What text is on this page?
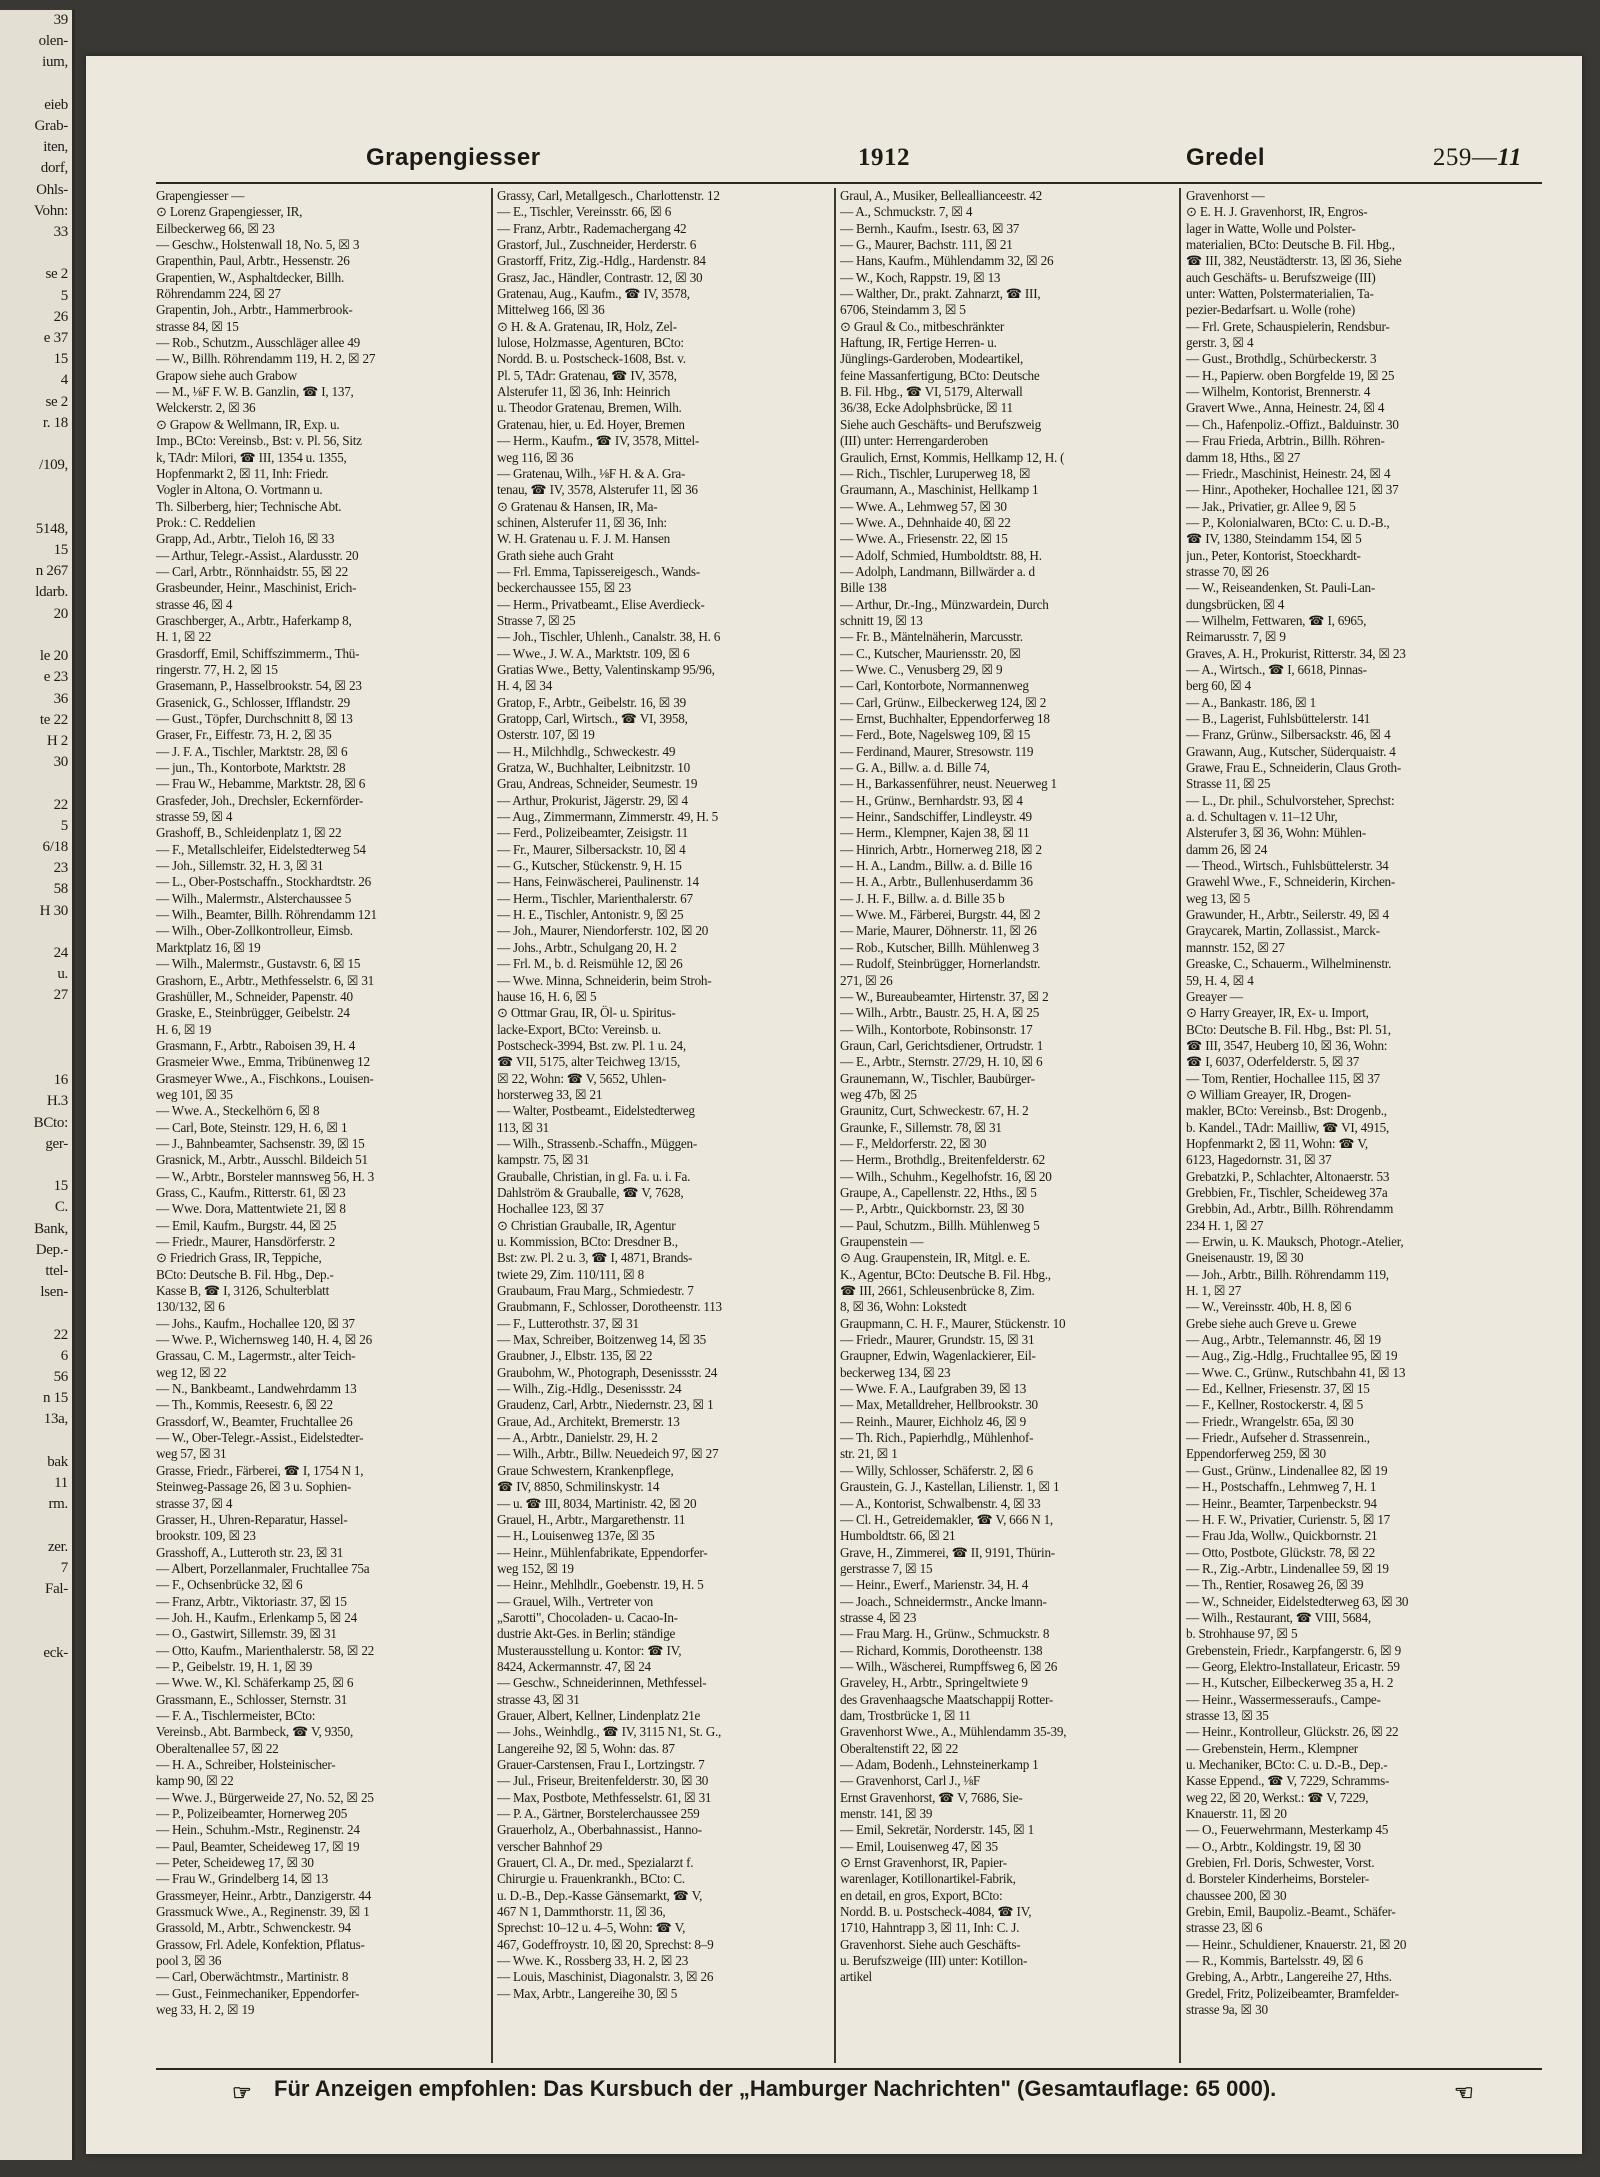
39
olen-
ium,

eieb
Grab-
iten,
dorf,
Ohls-
Vohn:
33

se 2
5
26
e 37
15
4
se 2
r. 18

/109,

5148,
15
n 267
ldarb.
20

le 20
e 23
36
te 22
H 2
30

22
5
6/18
23
58
H 30

24
u.
27

16
H.3
BCto:
ger-

15
C.
Bank,
Dep.-
ttel-
lsen-

22
6
56
n 15
13a,

bak
11
rm.

zer.
7
Fal-

eck-

Grapengiesser	1912	Gredel	259—11
Grapengiesser —
⊙ Lorenz Grapengiesser, IR,
Eilbeckerweg 66, ☒ 23
— Geschw., Holstenwall 18, No. 5, ☒ 3
Grapenthin, Paul, Arbtr., Hessenstr. 26
Grapentien, W., Asphaltdecker, Billh.
Röhrendamm 224, ☒ 27
Grapentin, Joh., Arbtr., Hammerbrook-
strasse 84, ☒ 15
— Rob., Schutzm., Ausschläger allee 49
— W., Billh. Röhrendamm 119, H. 2, ☒ 27
Grapow siehe auch Grabow
— M., ⅛F F. W. B. Ganzlin, ☎ I, 137,
Welckerstr. 2, ☒ 36
⊙ Grapow & Wellmann, IR, Exp. u.
Imp., BCto: Vereinsb., Bst: v. Pl. 56, Sitz
k, TAdr: Milori, ☎ III, 1354 u. 1355,
Hopfenmarkt 2, ☒ 11, Inh: Friedr.
Vogler in Altona, O. Vortmann u.
Th. Silberberg, hier; Technische Abt.
Prok.: C. Reddelien
Grapp, Ad., Arbtr., Tieloh 16, ☒ 33
— Arthur, Telegr.-Assist., Alardusstr. 20
— Carl, Arbtr., Rönnhaidstr. 55, ☒ 22
Grasbeunder, Heinr., Maschinist, Erich-
strasse 46, ☒ 4
Graschberger, A., Arbtr., Haferkamp 8,
H. 1, ☒ 22
Grasdorff, Emil, Schiffszimmerm., Thü-
ringerstr. 77, H. 2, ☒ 15
Grasemann, P., Hasselbrookstr. 54, ☒ 23
Grasenick, G., Schlosser, Ifflandstr. 29
— Gust., Töpfer, Durchschnitt 8, ☒ 13
Graser, Fr., Eiffestr. 73, H. 2, ☒ 35
— J. F. A., Tischler, Marktstr. 28, ☒ 6
— jun., Th., Kontorbote, Marktstr. 28
— Frau W., Hebamme, Marktstr. 28, ☒ 6
Grasfeder, Joh., Drechsler, Eckernförder-
strasse 59, ☒ 4
Grashoff, B., Schleidenplatz 1, ☒ 22
— F., Metallschleifer, Eidelstedterweg 54
— Joh., Sillemstr. 32, H. 3, ☒ 31
— L., Ober-Postschaffn., Stockhardtstr. 26
— Wilh., Malermstr., Alsterchaussee 5
— Wilh., Beamter, Billh. Röhrendamm 121
— Wilh., Ober-Zollkontrolleur, Eimsb.
Marktplatz 16, ☒ 19
— Wilh., Malermstr., Gustavstr. 6, ☒ 15
Grashorn, E., Arbtr., Methfesselstr. 6, ☒ 31
Grashüller, M., Schneider, Papenstr. 40
Graske, E., Steinbrügger, Geibelstr. 24
H. 6, ☒ 19
Grasmann, F., Arbtr., Raboisen 39, H. 4
Grasmeier Wwe., Emma, Tribünenweg 12
Grasmeyer Wwe., A., Fischkons., Louisen-
weg 101, ☒ 35
— Wwe. A., Steckelhörn 6, ☒ 8
— Carl, Bote, Steinstr. 129, H. 6, ☒ 1
— J., Bahnbeamter, Sachsenstr. 39, ☒ 15
Grasnick, M., Arbtr., Ausschl. Bildeich 51
— W., Arbtr., Borsteler mannsweg 56, H. 3
Grass, C., Kaufm., Ritterstr. 61, ☒ 23
— Wwe. Dora, Mattentwiete 21, ☒ 8
— Emil, Kaufm., Burgstr. 44, ☒ 25
— Friedr., Maurer, Hansdörferstr. 2
⊙ Friedrich Grass, IR, Teppiche,
BCto: Deutsche B. Fil. Hbg., Dep.-
Kasse B, ☎ I, 3126, Schulterblatt
130/132, ☒ 6
— Johs., Kaufm., Hochallee 120, ☒ 37
— Wwe. P., Wichernsweg 140, H. 4, ☒ 26
Grassau, C. M., Lagermstr., alter Teich-
weg 12, ☒ 22
— N., Bankbeamt., Landwehrdamm 13
— Th., Kommis, Reesestr. 6, ☒ 22
Grassdorf, W., Beamter, Fruchtallee 26
— W., Ober-Telegr.-Assist., Eidelstedter-
weg 57, ☒ 31
Grasse, Friedr., Färberei, ☎ I, 1754 N 1,
Steinweg-Passage 26, ☒ 3 u. Sophien-
strasse 37, ☒ 4
Grasser, H., Uhren-Reparatur, Hassel-
brookstr. 109, ☒ 23
Grasshoff, A., Lutteroth str. 23, ☒ 31
— Albert, Porzellanmaler, Fruchtallee 75a
— F., Ochsenbrücke 32, ☒ 6
— Franz, Arbtr., Viktoriastr. 37, ☒ 15
— Joh. H., Kaufm., Erlenkamp 5, ☒ 24
— O., Gastwirt, Sillemstr. 39, ☒ 31
— Otto, Kaufm., Marienthalerstr. 58, ☒ 22
— P., Geibelstr. 19, H. 1, ☒ 39
— Wwe. W., Kl. Schäferkamp 25, ☒ 6
Grassmann, E., Schlosser, Sternstr. 31
— F. A., Tischlermeister, BCto:
Vereinsb., Abt. Barmbeck, ☎ V, 9350,
Oberaltenallee 57, ☒ 22
— H. A., Schreiber, Holsteinischer-
kamp 90, ☒ 22
— Wwe. J., Bürgerweide 27, No. 52, ☒ 25
— P., Polizeibeamter, Hornerweg 205
— Hein., Schuhm.-Mstr., Reginenstr. 24
— Paul, Beamter, Scheideweg 17, ☒ 19
— Peter, Scheideweg 17, ☒ 30
— Frau W., Grindelberg 14, ☒ 13
Grassmeyer, Heinr., Arbtr., Danzigerstr. 44
Grassmuck Wwe., A., Reginenstr. 39, ☒ 1
Grassold, M., Arbtr., Schwenckestr. 94
Grassow, Frl. Adele, Konfektion, Pflatus-
pool 3, ☒ 36
— Carl, Oberwächtmstr., Martinistr. 8
— Gust., Feinmechaniker, Eppendorfer-
weg 33, H. 2, ☒ 19
Grassy, Carl, Metallgesch., Charlottenstr. 12
— E., Tischler, Vereinsstr. 66, ☒ 6
— Franz, Arbtr., Rademachergang 42
Grastorf, Jul., Zuschneider, Herderstr. 6
Grastorff, Fritz, Zig.-Hdlg., Hardenstr. 84
Grasz, Jac., Händler, Contrastr. 12, ☒ 30
Gratenau, Aug., Kaufm., ☎ IV, 3578,
Mittelweg 166, ☒ 36
⊙ H. & A. Gratenau, IR, Holz, Zel-
lulose, Holzmasse, Agenturen, BCto:
Nordd. B. u. Postscheck-1608, Bst. v.
Pl. 5, TAdr: Gratenau, ☎ IV, 3578,
Alsterufer 11, ☒ 36, Inh: Heinrich
u. Theodor Gratenau, Bremen, Wilh.
Gratenau, hier, u. Ed. Hoyer, Bremen
— Herm., Kaufm., ☎ IV, 3578, Mittel-
weg 116, ☒ 36
— Gratenau, Wilh., ⅛F H. & A. Gra-
tenau, ☎ IV, 3578, Alsterufer 11, ☒ 36
⊙ Gratenau & Hansen, IR, Ma-
schinen, Alsterufer 11, ☒ 36, Inh:
W. H. Gratenau u. F. J. M. Hansen
Grath siehe auch Graht
— Frl. Emma, Tapissereigesch., Wands-
beckerchaussee 155, ☒ 23
— Herm., Privatbeamt., Elise Averdieck-
Strasse 7, ☒ 25
— Joh., Tischler, Uhlenh., Canalstr. 38, H. 6
— Wwe., J. W. A., Marktstr. 109, ☒ 6
Gratias Wwe., Betty, Valentinskamp 95/96,
H. 4, ☒ 34
Gratop, F., Arbtr., Geibelstr. 16, ☒ 39
Gratopp, Carl, Wirtsch., ☎ VI, 3958,
Osterstr. 107, ☒ 19
— H., Milchhdlg., Schweckestr. 49
Gratza, W., Buchhalter, Leibnitzstr. 10
Grau, Andreas, Schneider, Seumestr. 19
— Arthur, Prokurist, Jägerstr. 29, ☒ 4
— Aug., Zimmermann, Zimmerstr. 49, H. 5
— Ferd., Polizeibeamter, Zeisigstr. 11
— Fr., Maurer, Silbersackstr. 10, ☒ 4
— G., Kutscher, Stückenstr. 9, H. 15
— Hans, Feinwäscherei, Paulinenstr. 14
— Herm., Tischler, Marienthalerstr. 67
— H. E., Tischler, Antonistr. 9, ☒ 25
— Joh., Maurer, Niendorferstr. 102, ☒ 20
— Johs., Arbtr., Schulgang 20, H. 2
— Frl. M., b. d. Reismühle 12, ☒ 26
— Wwe. Minna, Schneiderin, beim Stroh-
hause 16, H. 6, ☒ 5
⊙ Ottmar Grau, IR, Öl- u. Spiritus-
lacke-Export, BCto: Vereinsb. u.
Postscheck-3994, Bst. zw. Pl. 1 u. 24,
☎ VII, 5175, alter Teichweg 13/15,
☒ 22, Wohn: ☎ V, 5652, Uhlen-
horsterweg 33, ☒ 21
— Walter, Postbeamt., Eidelstedterweg
113, ☒ 31
— Wilh., Strassenb.-Schaffn., Müggen-
kampstr. 75, ☒ 31
Grauballe, Christian, in gl. Fa. u. i. Fa.
Dahlström & Grauballe, ☎ V, 7628,
Hochallee 123, ☒ 37
⊙ Christian Grauballe, IR, Agentur
u. Kommission, BCto: Dresdner B.,
Bst: zw. Pl. 2 u. 3, ☎ I, 4871, Brands-
twiete 29, Zim. 110/111, ☒ 8
Graubaum, Frau Marg., Schmiedestr. 7
Graubmann, F., Schlosser, Dorotheenstr. 113
— F., Lutterothstr. 37, ☒ 31
— Max, Schreiber, Boitzenweg 14, ☒ 35
Graubner, J., Elbstr. 135, ☒ 22
Graubohm, W., Photograph, Desenissstr. 24
— Wilh., Zig.-Hdlg., Desenissstr. 24
Graudenz, Carl, Arbtr., Niedernstr. 23, ☒ 1
Graue, Ad., Architekt, Bremerstr. 13
— A., Arbtr., Danielstr. 29, H. 2
— Wilh., Arbtr., Billw. Neuedeich 97, ☒ 27
Graue Schwestern, Krankenpflege,
☎ IV, 8850, Schmilinskystr. 14
— u. ☎ III, 8034, Martinistr. 42, ☒ 20
Grauel, H., Arbtr., Margarethenstr. 11
— H., Louisenweg 137e, ☒ 35
— Heinr., Mühlenfabrikate, Eppendorfer-
weg 152, ☒ 19
— Heinr., Mehlhdlr., Goebenstr. 19, H. 5
— Grauel, Wilh., Vertreter von
„Sarotti", Chocoladen- u. Cacao-In-
dustrie Akt-Ges. in Berlin; ständige
Musterausstellung u. Kontor: ☎ IV,
8424, Ackermannstr. 47, ☒ 24
— Geschw., Schneiderinnen, Methfessel-
strasse 43, ☒ 31
Grauer, Albert, Kellner, Lindenplatz 21e
— Johs., Weinhdlg., ☎ IV, 3115 N1, St. G.,
Langereihe 92, ☒ 5, Wohn: das. 87
Grauer-Carstensen, Frau I., Lortzingstr. 7
— Jul., Friseur, Breitenfelderstr. 30, ☒ 30
— Max, Postbote, Methfesselstr. 61, ☒ 31
— P. A., Gärtner, Borstelerchaussee 259
Grauerholz, A., Oberbahnassist., Hanno-
verscher Bahnhof 29
Grauert, Cl. A., Dr. med., Spezialarzt f.
Chirurgie u. Frauenkrankh., BCto: C.
u. D.-B., Dep.-Kasse Gänsemarkt, ☎ V,
467 N 1, Dammthorstr. 11, ☒ 36,
Sprechst: 10–12 u. 4–5, Wohn: ☎ V,
467, Godeffroystr. 10, ☒ 20, Sprechst: 8–9
— Wwe. K., Rossberg 33, H. 2, ☒ 23
— Louis, Maschinist, Diagonalstr. 3, ☒ 26
— Max, Arbtr., Langereihe 30, ☒ 5
Graul, A., Musiker, Belleallianceestr. 42
— A., Schmuckstr. 7, ☒ 4
— Bernh., Kaufm., Isestr. 63, ☒ 37
— G., Maurer, Bachstr. 111, ☒ 21
— Hans, Kaufm., Mühlendamm 32, ☒ 26
— W., Koch, Rappstr. 19, ☒ 13
— Walther, Dr., prakt. Zahnarzt, ☎ III,
6706, Steindamm 3, ☒ 5
⊙ Graul & Co., mitbeschränkter
Haftung, IR, Fertige Herren- u.
Jünglings-Garderoben, Modeartikel,
feine Massanfertigung, BCto: Deutsche
B. Fil. Hbg., ☎ VI, 5179, Alterwall
36/38, Ecke Adolphsbrücke, ☒ 11
Siehe auch Geschäfts- und Berufszweig
(III) unter: Herrengarderoben
Graulich, Ernst, Kommis, Hellkamp 12, H. (
— Rich., Tischler, Luruperweg 18, ☒
Graumann, A., Maschinist, Hellkamp 1
— Wwe. A., Lehmweg 57, ☒ 30
— Wwe. A., Dehnhaide 40, ☒ 22
— Wwe. A., Friesenstr. 22, ☒ 15
— Adolf, Schmied, Humboldtstr. 88, H.
— Adolph, Landmann, Billwärder a. d
Bille 138
— Arthur, Dr.-Ing., Münzwardein, Durch
schnitt 19, ☒ 13
— Fr. B., Mäntelnäherin, Marcusstr.
— C., Kutscher, Mauriensstr. 20, ☒
— Wwe. C., Venusberg 29, ☒ 9
— Carl, Kontorbote, Normannenweg
— Carl, Grünw., Eilbeckerweg 124, ☒ 2
— Ernst, Buchhalter, Eppendorferweg 18
— Ferd., Bote, Nagelsweg 109, ☒ 15
— Ferdinand, Maurer, Stresowstr. 119
— G. A., Billw. a. d. Bille 74,
— H., Barkassenführer, neust. Neuerweg 1
— H., Grünw., Bernhardstr. 93, ☒ 4
— Heinr., Sandschiffer, Lindleystr. 49
— Herm., Klempner, Kajen 38, ☒ 11
— Hinrich, Arbtr., Hornerweg 218, ☒ 2
— H. A., Landm., Billw. a. d. Bille 16
— H. A., Arbtr., Bullenhuserdamm 36
— J. H. F., Billw. a. d. Bille 35 b
— Wwe. M., Färberei, Burgstr. 44, ☒ 2
— Marie, Maurer, Döhnerstr. 11, ☒ 26
— Rob., Kutscher, Billh. Mühlenweg 3
— Rudolf, Steinbrügger, Hornerlandstr.
271, ☒ 26
— W., Bureaubeamter, Hirtenstr. 37, ☒ 2
— Wilh., Arbtr., Baustr. 25, H. A, ☒ 25
— Wilh., Kontorbote, Robinsonstr. 17
Graun, Carl, Gerichtsdiener, Ortrudstr. 1
— E., Arbtr., Sternstr. 27/29, H. 10, ☒ 6
Graunemann, W., Tischler, Baubürger-
weg 47b, ☒ 25
Graunitz, Curt, Schweckestr. 67, H. 2
Graunke, F., Sillemstr. 78, ☒ 31
— F., Meldorferstr. 22, ☒ 30
— Herm., Brothdlg., Breitenfelderstr. 62
— Wilh., Schuhm., Kegelhofstr. 16, ☒ 20
Graupe, A., Capellenstr. 22, Hths., ☒ 5
— P., Arbtr., Quickbornstr. 23, ☒ 30
— Paul, Schutzm., Billh. Mühlenweg 5
Graupenstein —
⊙ Aug. Graupenstein, IR, Mitgl. e. E.
K., Agentur, BCto: Deutsche B. Fil. Hbg.,
☎ III, 2661, Schleusenbrücke 8, Zim.
8, ☒ 36, Wohn: Lokstedt
Graupmann, C. H. F., Maurer, Stückenstr. 10
— Friedr., Maurer, Grundstr. 15, ☒ 31
Graupner, Edwin, Wagenlackierer, Eil-
beckerweg 134, ☒ 23
— Wwe. F. A., Laufgraben 39, ☒ 13
— Max, Metalldreher, Hellbrookstr. 30
— Reinh., Maurer, Eichholz 46, ☒ 9
— Th. Rich., Papierhdlg., Mühlenhof-
str. 21, ☒ 1
— Willy, Schlosser, Schäferstr. 2, ☒ 6
Graustein, G. J., Kastellan, Lilienstr. 1, ☒ 1
— A., Kontorist, Schwalbenstr. 4, ☒ 33
— Cl. H., Getreidemakler, ☎ V, 666 N 1,
Humboldtstr. 66, ☒ 21
Grave, H., Zimmerei, ☎ II, 9191, Thürin-
gerstrasse 7, ☒ 15
— Heinr., Ewerf., Marienstr. 34, H. 4
— Joach., Schneidermstr., Ancke lmann-
strasse 4, ☒ 23
— Frau Marg. H., Grünw., Schmuckstr. 8
— Richard, Kommis, Dorotheenstr. 138
— Wilh., Wäscherei, Rumpffsweg 6, ☒ 26
Graveley, H., Arbtr., Springeltwiete 9
des Gravenhaagsche Maatschappij Rotter-
dam, Trostbrücke 1, ☒ 11
Gravenhorst Wwe., A., Mühlendamm 35-39,
Oberaltenstift 22, ☒ 22
— Adam, Bodenh., Lehnsteinerkamp 1
— Gravenhorst, Carl J., ⅛F
Ernst Gravenhorst, ☎ V, 7686, Sie-
menstr. 141, ☒ 39
— Emil, Sekretär, Norderstr. 145, ☒ 1
— Emil, Louisenweg 47, ☒ 35
⊙ Ernst Gravenhorst, IR, Papier-
warenlager, Kotillonartikel-Fabrik,
en detail, en gros, Export, BCto:
Nordd. B. u. Postscheck-4084, ☎ IV,
1710, Hahntrapp 3, ☒ 11, Inh: C. J.
Gravenhorst. Siehe auch Geschäfts-
u. Berufszweige (III) unter: Kotillon-
artikel
Gravenhorst —
⊙ E. H. J. Gravenhorst, IR, Engros-
lager in Watte, Wolle und Polster-
materialien, BCto: Deutsche B. Fil. Hbg.,
☎ III, 382, Neustädterstr. 13, ☒ 36, Siehe
auch Geschäfts- u. Berufszweige (III)
unter: Watten, Polstermaterialien, Ta-
pezier-Bedarfsart. u. Wolle (rohe)
— Frl. Grete, Schauspielerin, Rendsbur-
gerstr. 3, ☒ 4
— Gust., Brothdlg., Schürbeckerstr. 3
— H., Papierw. oben Borgfelde 19, ☒ 25
— Wilhelm, Kontorist, Brennerstr. 4
Gravert Wwe., Anna, Heinestr. 24, ☒ 4
— Ch., Hafenpoliz.-Offizt., Balduinstr. 30
— Frau Frieda, Arbtrin., Billh. Röhren-
damm 18, Hths., ☒ 27
— Friedr., Maschinist, Heinestr. 24, ☒ 4
— Hinr., Apotheker, Hochallee 121, ☒ 37
— Jak., Privatier, gr. Allee 9, ☒ 5
— P., Kolonialwaren, BCto: C. u. D.-B.,
☎ IV, 1380, Steindamm 154, ☒ 5
jun., Peter, Kontorist, Stoeckhardt-
strasse 70, ☒ 26
— W., Reiseandenken, St. Pauli-Lan-
dungsbrücken, ☒ 4
— Wilhelm, Fettwaren, ☎ I, 6965,
Reimarusstr. 7, ☒ 9
Graves, A. H., Prokurist, Ritterstr. 34, ☒ 23
— A., Wirtsch., ☎ I, 6618, Pinnas-
berg 60, ☒ 4
— A., Bankastr. 186, ☒ 1
— B., Lagerist, Fuhlsbüttelerstr. 141
— Franz, Grünw., Silbersackstr. 46, ☒ 4
Grawann, Aug., Kutscher, Süderquaistr. 4
Grawe, Frau E., Schneiderin, Claus Groth-
Strasse 11, ☒ 25
— L., Dr. phil., Schulvorsteher, Sprechst:
a. d. Schultagen v. 11–12 Uhr,
Alsterufer 3, ☒ 36, Wohn: Mühlen-
damm 26, ☒ 24
— Theod., Wirtsch., Fuhlsbüttelerstr. 34
Grawehl Wwe., F., Schneiderin, Kirchen-
weg 13, ☒ 5
Grawunder, H., Arbtr., Seilerstr. 49, ☒ 4
Graycarek, Martin, Zollassist., Marck-
mannstr. 152, ☒ 27
Greaske, C., Schauerm., Wilhelminenstr.
59, H. 4, ☒ 4
Greayer —
⊙ Harry Greayer, IR, Ex- u. Import,
BCto: Deutsche B. Fil. Hbg., Bst: Pl. 51,
☎ III, 3547, Heuberg 10, ☒ 36, Wohn:
☎ I, 6037, Oderfelderstr. 5, ☒ 37
— Tom, Rentier, Hochallee 115, ☒ 37
⊙ William Greayer, IR, Drogen-
makler, BCto: Vereinsb., Bst: Drogenb.,
b. Kandel., TAdr: Mailliw, ☎ VI, 4915,
Hopfenmarkt 2, ☒ 11, Wohn: ☎ V,
6123, Hagedornstr. 31, ☒ 37
Grebatzki, P., Schlachter, Altonaerstr. 53
Grebbien, Fr., Tischler, Scheideweg 37a
Grebbin, Ad., Arbtr., Billh. Röhrendamm
234 H. 1, ☒ 27
— Erwin, u. K. Mauksch, Photogr.-Atelier,
Gneisenaustr. 19, ☒ 30
— Joh., Arbtr., Billh. Röhrendamm 119,
H. 1, ☒ 27
— W., Vereinsstr. 40b, H. 8, ☒ 6
Grebe siehe auch Greve u. Grewe
— Aug., Arbtr., Telemannstr. 46, ☒ 19
— Aug., Zig.-Hdlg., Fruchtallee 95, ☒ 19
— Wwe. C., Grünw., Rutschbahn 41, ☒ 13
— Ed., Kellner, Friesenstr. 37, ☒ 15
— F., Kellner, Rostockerstr. 4, ☒ 5
— Friedr., Wrangelstr. 65a, ☒ 30
— Friedr., Aufseher d. Strassenrein.,
Eppendorferweg 259, ☒ 30
— Gust., Grünw., Lindenallee 82, ☒ 19
— H., Postschaffn., Lehmweg 7, H. 1
— Heinr., Beamter, Tarpenbeckstr. 94
— H. F. W., Privatier, Curienstr. 5, ☒ 17
— Frau Jda, Wollw., Quickbornstr. 21
— Otto, Postbote, Glückstr. 78, ☒ 22
— R., Zig.-Arbtr., Lindenallee 59, ☒ 19
— Th., Rentier, Rosaweg 26, ☒ 39
— W., Schneider, Eidelstedterweg 63, ☒ 30
— Wilh., Restaurant, ☎ VIII, 5684,
b. Strohhause 97, ☒ 5
Grebenstein, Friedr., Karpfangerstr. 6, ☒ 9
— Georg, Elektro-Installateur, Ericastr. 59
— H., Kutscher, Eilbeckerweg 35 a, H. 2
— Heinr., Wassermesseraufs., Campe-
strasse 13, ☒ 35
— Heinr., Kontrolleur, Glückstr. 26, ☒ 22
— Grebenstein, Herm., Klempner
u. Mechaniker, BCto: C. u. D.-B., Dep.-
Kasse Eppend., ☎ V, 7229, Schramms-
weg 22, ☒ 20, Werkst.: ☎ V, 7229,
Knauerstr. 11, ☒ 20
— O., Feuerwehrmann, Mesterkamp 45
— O., Arbtr., Koldingstr. 19, ☒ 30
Grebien, Frl. Doris, Schwester, Vorst.
d. Borsteler Kinderheims, Borsteler-
chaussee 200, ☒ 30
Grebin, Emil, Baupoliz.-Beamt., Schäfer-
strasse 23, ☒ 6
— Heinr., Schuldiener, Knauerstr. 21, ☒ 20
— R., Kommis, Bartelsstr. 49, ☒ 6
Grebing, A., Arbtr., Langereihe 27, Hths.
Gredel, Fritz, Polizeibeamter, Bramfelder-
strasse 9a, ☒ 30
☞ Für Anzeigen empfohlen: Das Kursbuch der „Hamburger Nachrichten" (Gesamtauflage: 65 000).	☜
